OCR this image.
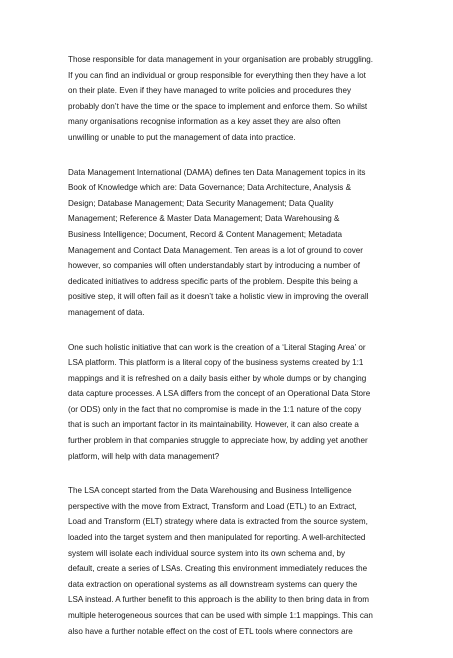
Those responsible for data management in your organisation are probably struggling.
If you can find an individual or group responsible for everything then they have a lot
on their plate. Even if they have managed to write policies and procedures they
probably don’t have the time or the space to implement and enforce them. So whilst
many organisations recognise information as a key asset they are also often
unwilling or unable to put the management of data into practice.

Data Management International (DAMA) defines ten Data Management topics in its
Book of Knowledge which are: Data Governance; Data Architecture, Analysis &
Design; Database Management; Data Security Management; Data Quality
Management; Reference & Master Data Management; Data Warehousing &
Business Intelligence; Document, Record & Content Management; Metadata
Management and Contact Data Management. Ten areas is a lot of ground to cover
however, so companies will often understandably start by introducing a number of
dedicated initiatives to address specific parts of the problem. Despite this being a
positive step, it will often fail as it doesn’t take a holistic view in improving the overall
management of data.

One such holistic initiative that can work is the creation of a ‘Literal Staging Area’ or
LSA platform. This platform is a literal copy of the business systems created by 1:1
mappings and it is refreshed on a daily basis either by whole dumps or by changing
data capture processes. A LSA differs from the concept of an Operational Data Store
(or ODS) only in the fact that no compromise is made in the 1:1 nature of the copy
that is such an important factor in its maintainability. However, it can also create a
further problem in that companies struggle to appreciate how, by adding yet another
platform, will help with data management?

The LSA concept started from the Data Warehousing and Business Intelligence
perspective with the move from Extract, Transform and Load (ETL) to an Extract,
Load and Transform (ELT) strategy where data is extracted from the source system,
loaded into the target system and then manipulated for reporting. A well-architected
system will isolate each individual source system into its own schema and, by
default, create a series of LSAs. Creating this environment immediately reduces the
data extraction on operational systems as all downstream systems can query the
LSA instead. A further benefit to this approach is the ability to then bring data in from
multiple heterogeneous sources that can be used with simple 1:1 mappings. This can
also have a further notable effect on the cost of ETL tools where connectors are
